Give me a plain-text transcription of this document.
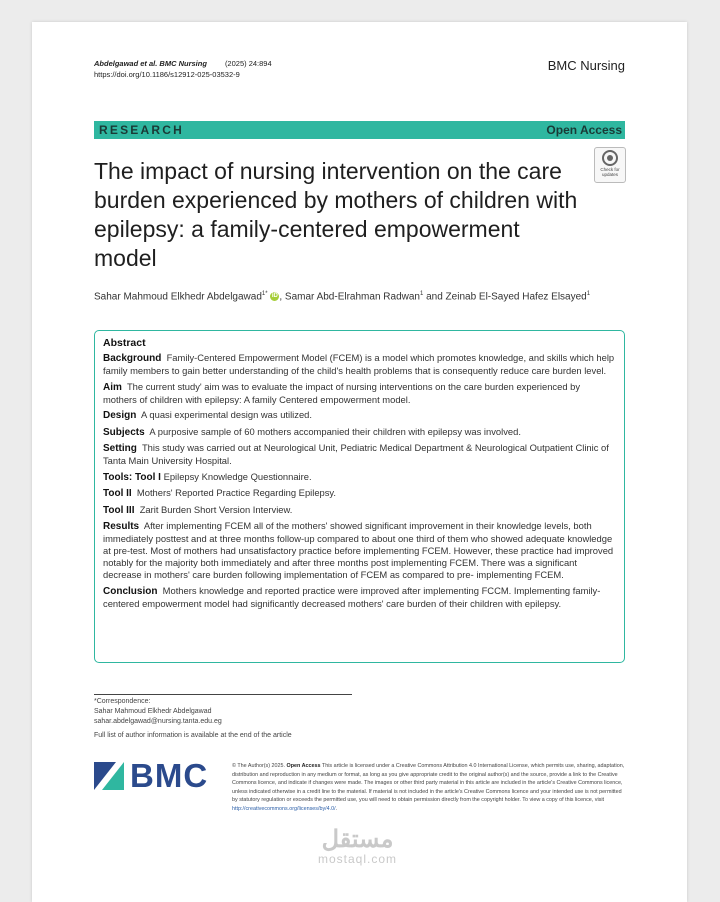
Abdelgawad et al. BMC Nursing (2025) 24:894
https://doi.org/10.1186/s12912-025-03532-9
BMC Nursing
RESEARCH	Open Access
The impact of nursing intervention on the care burden experienced by mothers of children with epilepsy: a family-centered empowerment model
Check for
updates
Sahar Mahmoud Elkhedr Abdelgawad$^{1*}$ iD , Samar Abd-Elrahman Radwan$^1$ and Zeinab El-Sayed Hafez Elsayed$^1$
Abstract

Background Family-Centered Empowerment Model (FCEM) is a model which promotes knowledge, and skills which help family members to gain better understanding of the child's health problems that is consequently reduce care burden level.

Aim The current study' aim was to evaluate the impact of nursing interventions on the care burden experienced by mothers of children with epilepsy: A family Centered empowerment model.

Design A quasi experimental design was utilized.

Subjects A purposive sample of 60 mothers accompanied their children with epilepsy was involved.

Setting This study was carried out at Neurological Unit, Pediatric Medical Department & Neurological Outpatient Clinic of Tanta Main University Hospital.

Tools: Tool I Epilepsy Knowledge Questionnaire.

Tool II Mothers' Reported Practice Regarding Epilepsy.

Tool III Zarit Burden Short Version Interview.

Results After implementing FCEM all of the mothers' showed significant improvement in their knowledge levels, both immediately posttest and at three months follow-up compared to about one third of them who showed adequate knowledge at pre-test. Most of mothers had unsatisfactory practice before implementing FCEM. However, these practice had improved notably for the majority both immediately and after three months post implementing FCEM. There was a significant decrease in mothers' care burden following implementation of FCEM as compared to pre- implementing FCEM.

Conclusion Mothers knowledge and reported practice were improved after implementing FCCM. Implementing family-centered empowerment model had significantly decreased mothers' care burden of their children with epilepsy.

*Correspondence:
Sahar Mahmoud Elkhedr Abdelgawad
sahar.abdelgawad@nursing.tanta.edu.eg
Full list of author information is available at the end of the article
BMC	© The Author(s) 2025. Open Access This article is licensed under a Creative Commons Attribution 4.0 International License, which permits use, sharing, adaptation, distribution and reproduction in any medium or format, as long as you give appropriate credit to the original author(s) and the source, provide a link to the Creative Commons licence, and indicate if changes were made. The images or other third party material in this article are included in the article's Creative Commons licence, unless indicated otherwise in a credit line to the material. If material is not included in the article's Creative Commons licence and your intended use is not permitted by statutory regulation or exceeds the permitted use, you will need to obtain permission directly from the copyright holder. To view a copy of this licence, visit http://creativecommons.org/licenses/by/4.0/.
مستقل
mostaql.com
